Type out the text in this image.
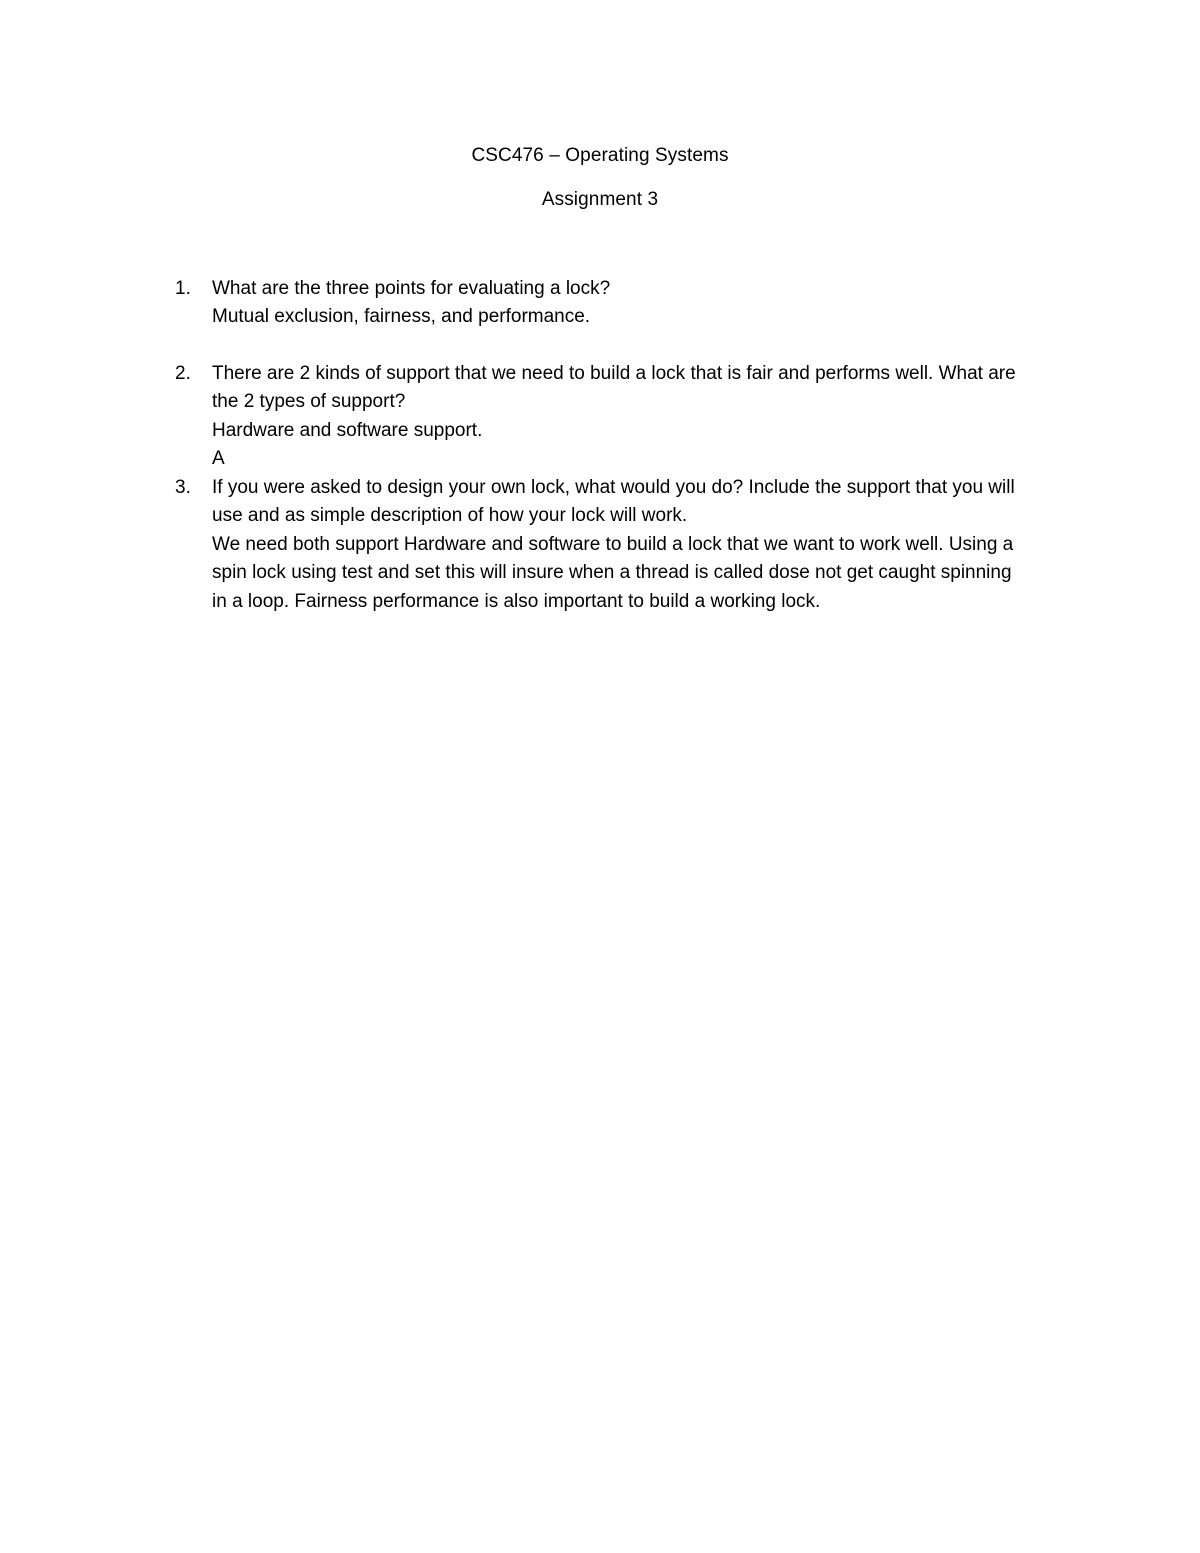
CSC476 – Operating Systems
Assignment 3
1.	What are the three points for evaluating a lock?
Mutual exclusion, fairness, and performance.
2.	There are 2 kinds of support that we need to build a lock that is fair and performs well. What are
the 2 types of support?
Hardware and software support.
A
3.	If you were asked to design your own lock, what would you do? Include the support that you will
use and as simple description of how your lock will work.
We need both support Hardware and software to build a lock that we want to work well. Using a
spin lock using test and set this will insure when a thread is called dose not get caught spinning
in a loop. Fairness performance is also important to build a working lock.
